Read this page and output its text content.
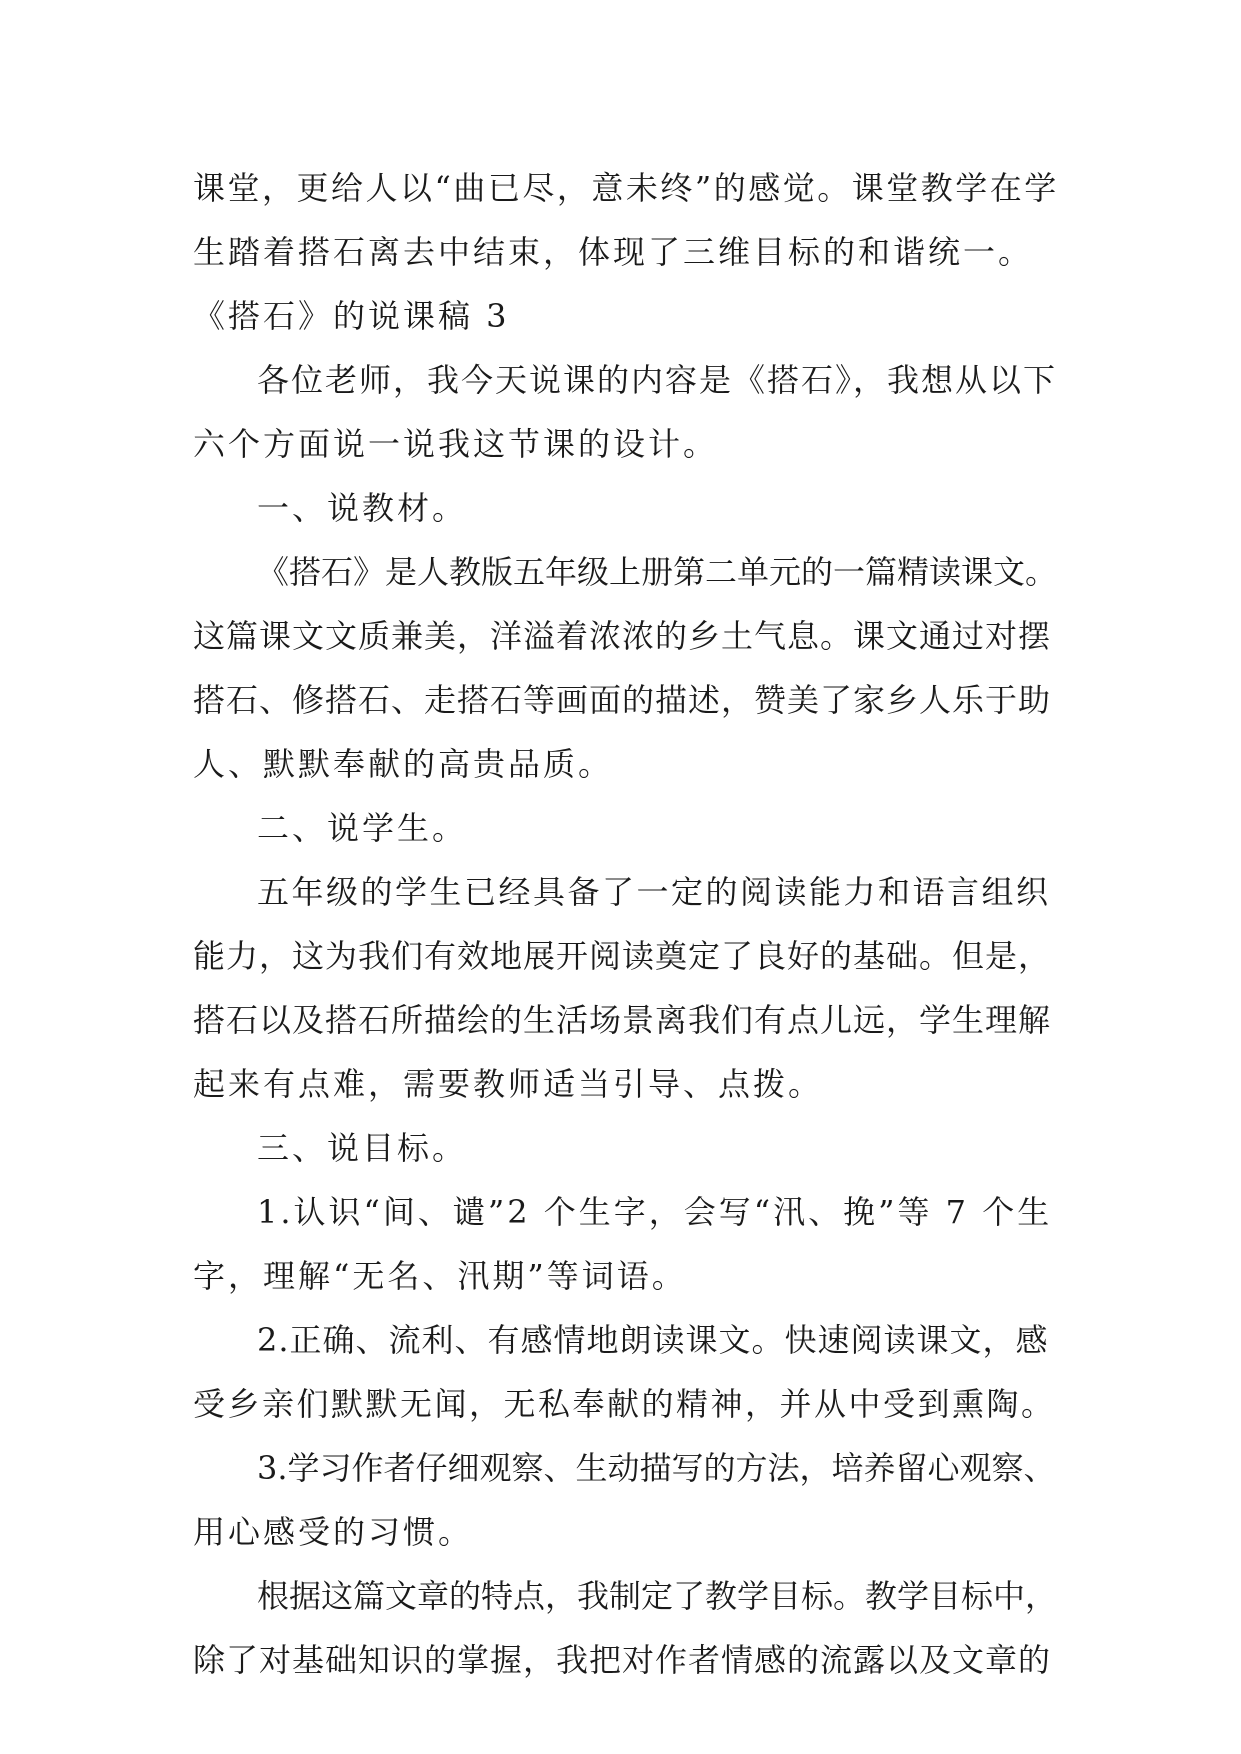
课堂，更给人以“曲已尽，意未终”的感觉。课堂教学在学
生踏着搭石离去中结束，体现了三维目标的和谐统一。
《搭石》的说课稿 3
各位老师，我今天说课的内容是《搭石》，我想从以下
六个方面说一说我这节课的设计。
一、说教材。
《搭石》是人教版五年级上册第二单元的一篇精读课文。
这篇课文文质兼美，洋溢着浓浓的乡土气息。课文通过对摆
搭石、修搭石、走搭石等画面的描述，赞美了家乡人乐于助
人、默默奉献的高贵品质。
二、说学生。
五年级的学生已经具备了一定的阅读能力和语言组织
能力，这为我们有效地展开阅读奠定了良好的基础。但是，
搭石以及搭石所描绘的生活场景离我们有点儿远，学生理解
起来有点难，需要教师适当引导、点拨。
三、说目标。
1.认识“间、谴”2 个生字，会写“汛、挽”等 7 个生
字，理解“无名、汛期”等词语。
2.正确、流利、有感情地朗读课文。快速阅读课文，感
受乡亲们默默无闻，无私奉献的精神，并从中受到熏陶。
3.学习作者仔细观察、生动描写的方法，培养留心观察、
用心感受的习惯。
根据这篇文章的特点，我制定了教学目标。教学目标中，
除了对基础知识的掌握，我把对作者情感的流露以及文章的
